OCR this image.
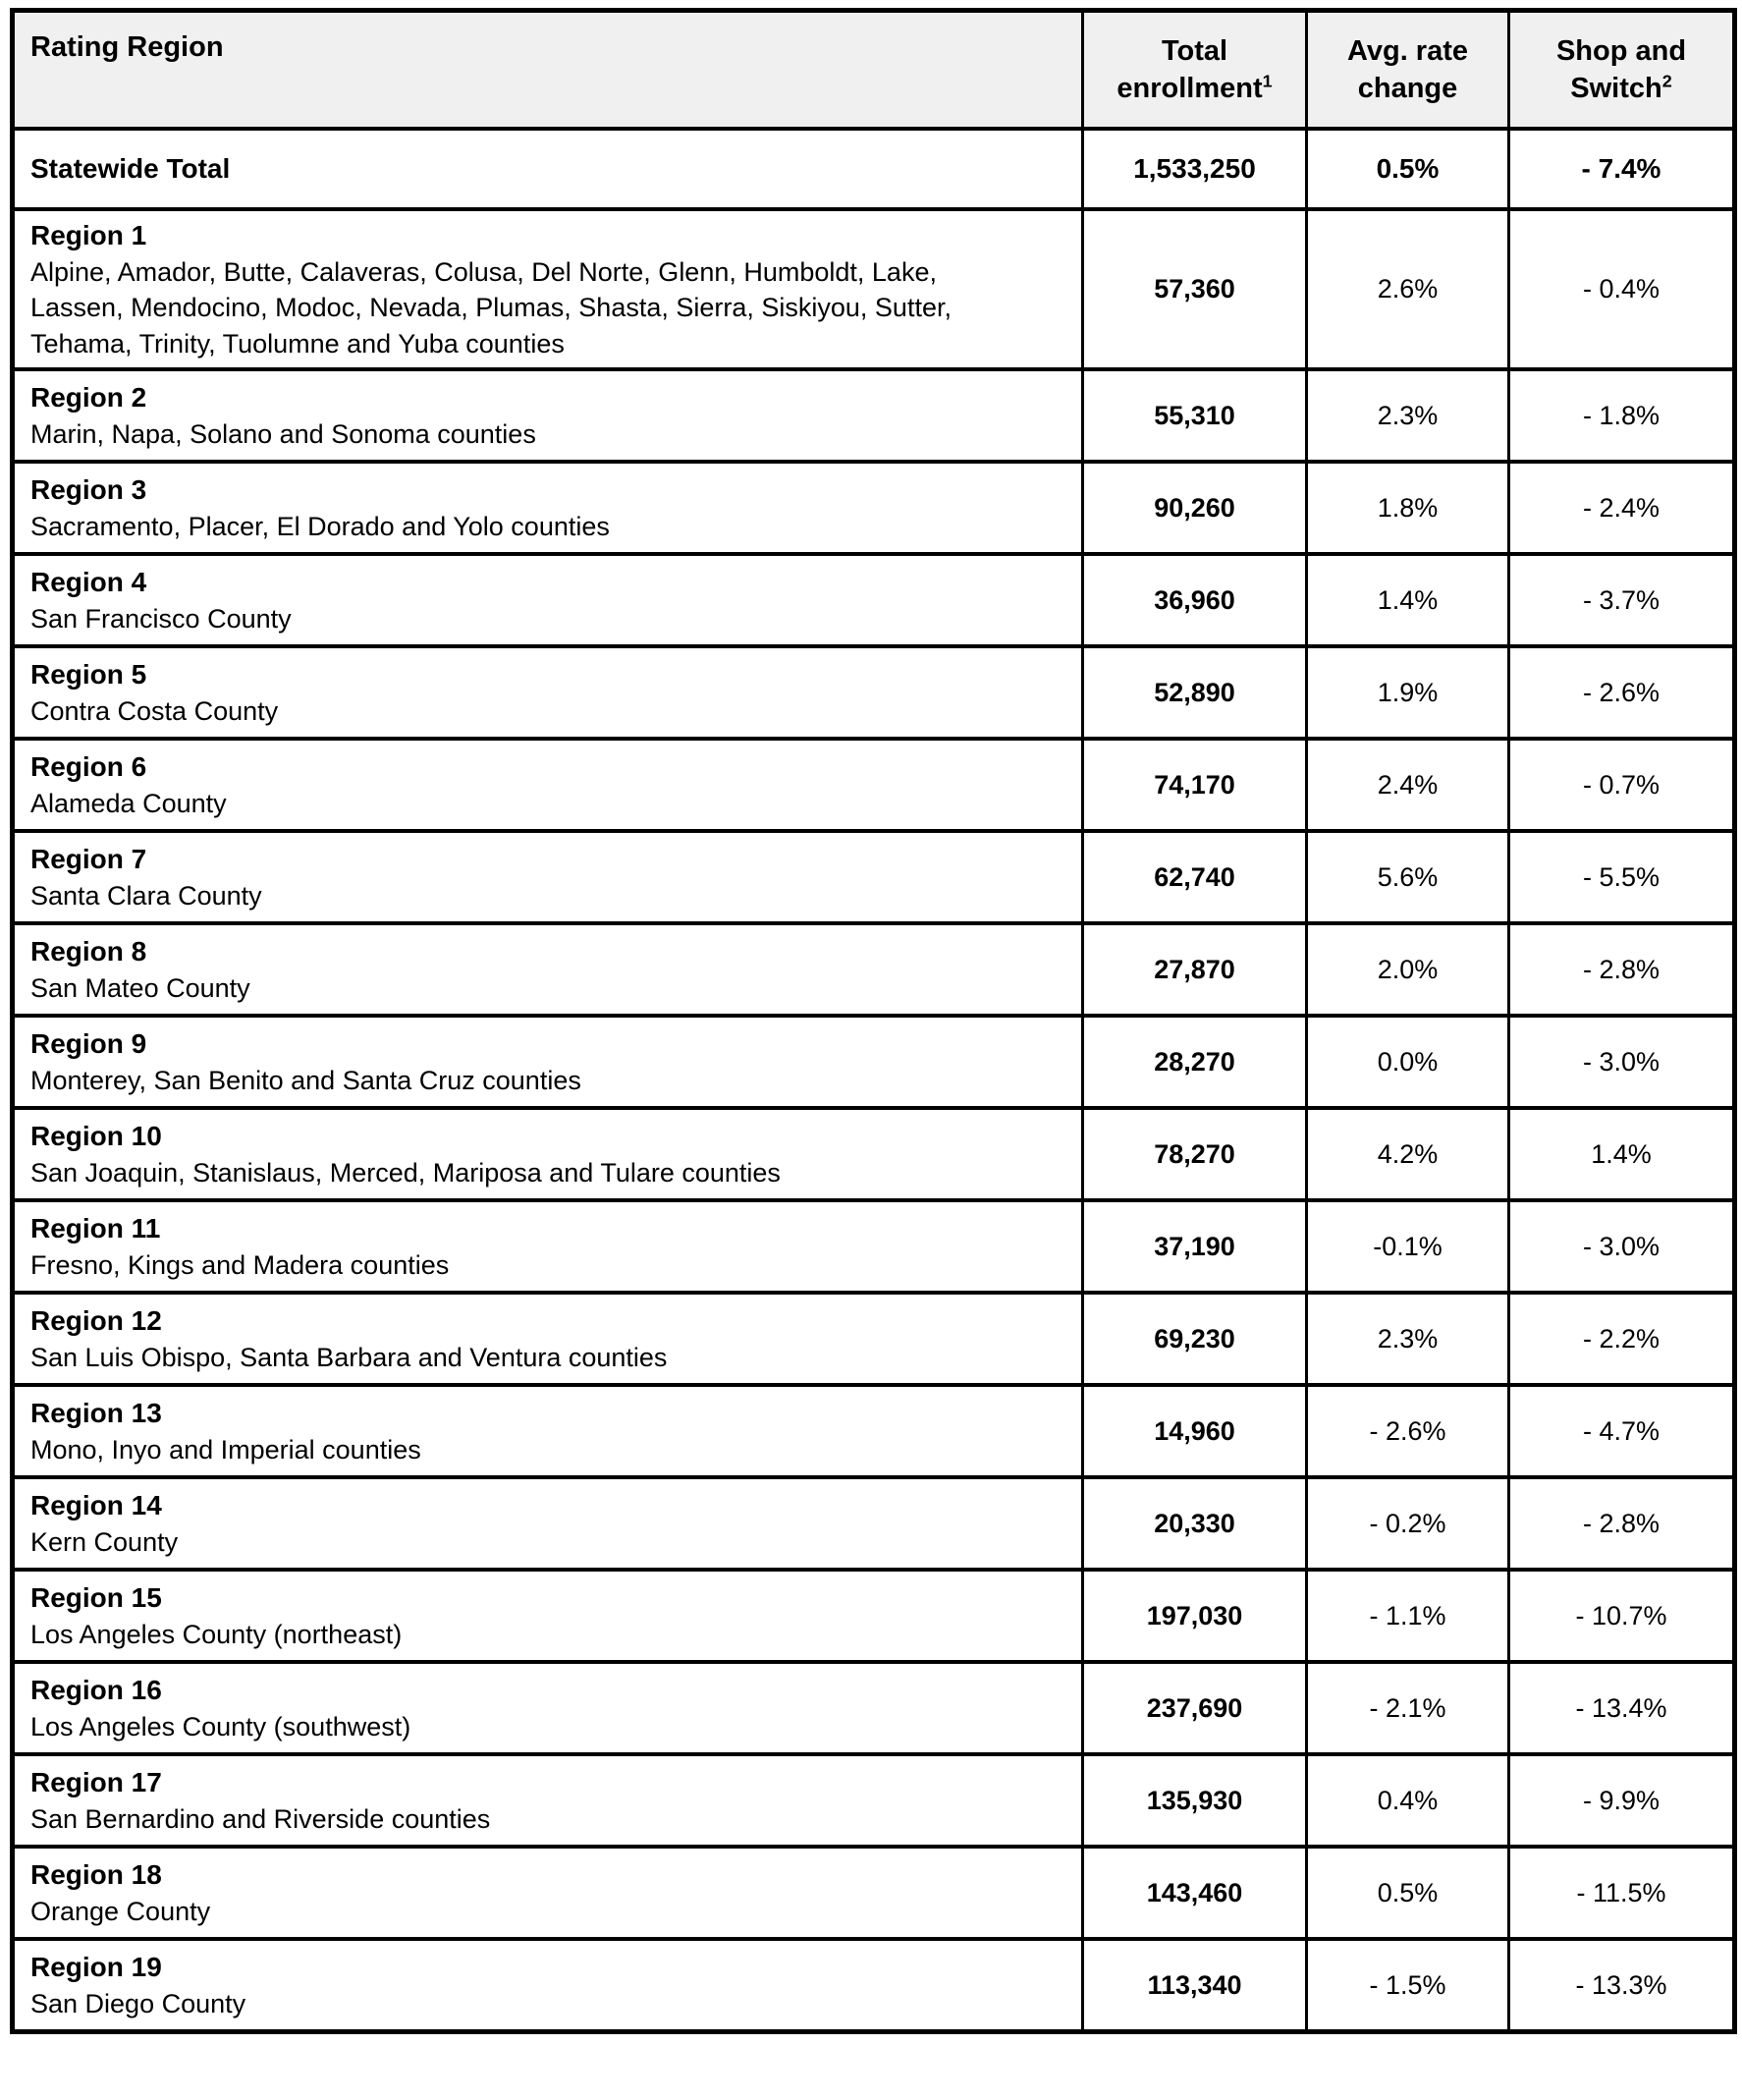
Rating Region	Total enrollment$^1$	Avg. rate change	Shop and Switch$^2$
Statewide Total	1,533,250	0.5%	- 7.4%

Region 1
Alpine, Amador, Butte, Calaveras, Colusa, Del Norte, Glenn, Humboldt, Lake, Lassen, Mendocino, Modoc, Nevada, Plumas, Shasta, Sierra, Siskiyou, Sutter, Tehama, Trinity, Tuolumne and Yuba counties	57,360	2.6%	- 0.4%

Region 2
Marin, Napa, Solano and Sonoma counties	55,310	2.3%	- 1.8%

Region 3
Sacramento, Placer, El Dorado and Yolo counties	90,260	1.8%	- 2.4%

Region 4
San Francisco County	36,960	1.4%	- 3.7%

Region 5
Contra Costa County	52,890	1.9%	- 2.6%

Region 6
Alameda County	74,170	2.4%	- 0.7%

Region 7
Santa Clara County	62,740	5.6%	- 5.5%

Region 8
San Mateo County	27,870	2.0%	- 2.8%

Region 9
Monterey, San Benito and Santa Cruz counties	28,270	0.0%	- 3.0%

Region 10
San Joaquin, Stanislaus, Merced, Mariposa and Tulare counties	78,270	4.2%	1.4%

Region 11
Fresno, Kings and Madera counties	37,190	-0.1%	- 3.0%

Region 12
San Luis Obispo, Santa Barbara and Ventura counties	69,230	2.3%	- 2.2%

Region 13
Mono, Inyo and Imperial counties	14,960	- 2.6%	- 4.7%

Region 14
Kern County	20,330	- 0.2%	- 2.8%

Region 15
Los Angeles County (northeast)	197,030	- 1.1%	- 10.7%

Region 16
Los Angeles County (southwest)	237,690	- 2.1%	- 13.4%

Region 17
San Bernardino and Riverside counties	135,930	0.4%	- 9.9%

Region 18
Orange County	143,460	0.5%	- 11.5%

Region 19
San Diego County	113,340	- 1.5%	- 13.3%
